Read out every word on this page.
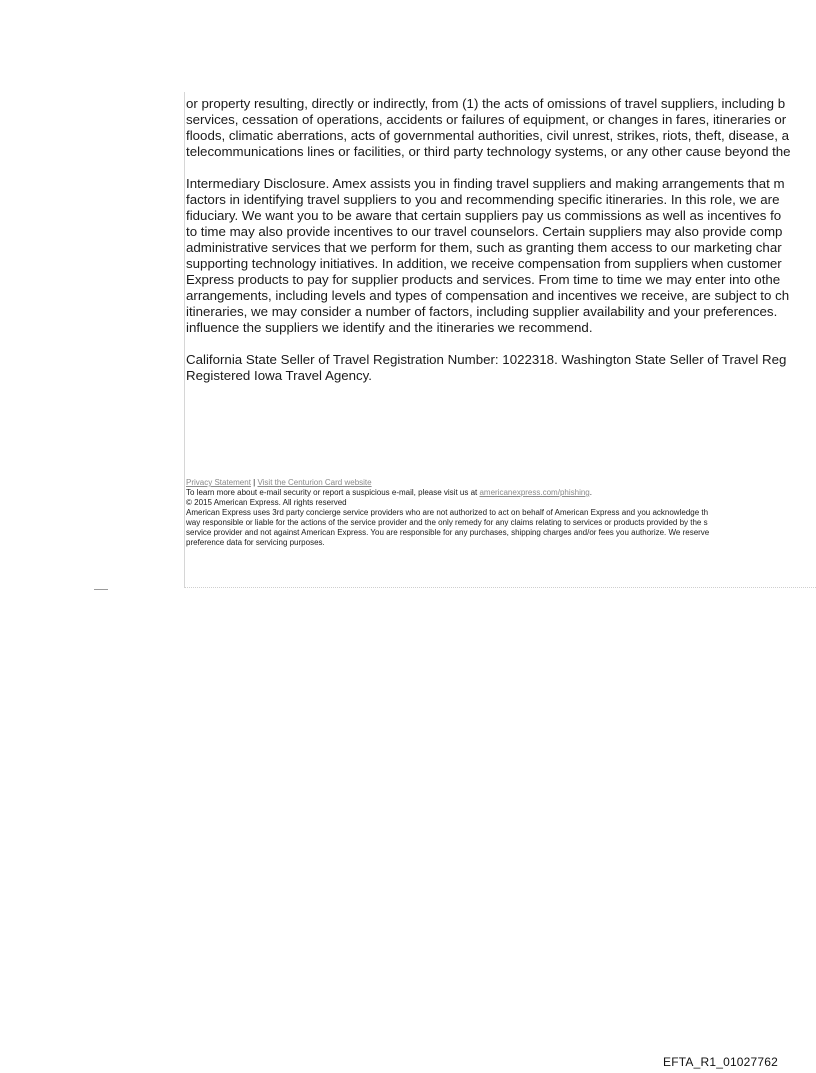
or property resulting, directly or indirectly, from (1) the acts of omissions of travel suppliers, including b
services, cessation of operations, accidents or failures of equipment, or changes in fares, itineraries or
floods, climatic aberrations, acts of governmental authorities, civil unrest, strikes, riots, theft, disease, a
telecommunications lines or facilities, or third party technology systems, or any other cause beyond the

Intermediary Disclosure. Amex assists you in finding travel suppliers and making arrangements that m
factors in identifying travel suppliers to you and recommending specific itineraries. In this role, we are
fiduciary. We want you to be aware that certain suppliers pay us commissions as well as incentives fo
to time may also provide incentives to our travel counselors. Certain suppliers may also provide comp
administrative services that we perform for them, such as granting them access to our marketing char
supporting technology initiatives. In addition, we receive compensation from suppliers when customer
Express products to pay for supplier products and services. From time to time we may enter into othe
arrangements, including levels and types of compensation and incentives we receive, are subject to ch
itineraries, we may consider a number of factors, including supplier availability and your preferences.
influence the suppliers we identify and the itineraries we recommend.

California State Seller of Travel Registration Number: 1022318. Washington State Seller of Travel Reg
Registered Iowa Travel Agency.

Privacy Statement | Visit the Centurion Card website
To learn more about e-mail security or report a suspicious e-mail, please visit us at americanexpress.com/phishing.
© 2015 American Express. All rights reserved
American Express uses 3rd party concierge service providers who are not authorized to act on behalf of American Express and you acknowledge th
way responsible or liable for the actions of the service provider and the only remedy for any claims relating to services or products provided by the s
service provider and not against American Express. You are responsible for any purchases, shipping charges and/or fees you authorize. We reserve
preference data for servicing purposes.
EFTA_R1_01027762
